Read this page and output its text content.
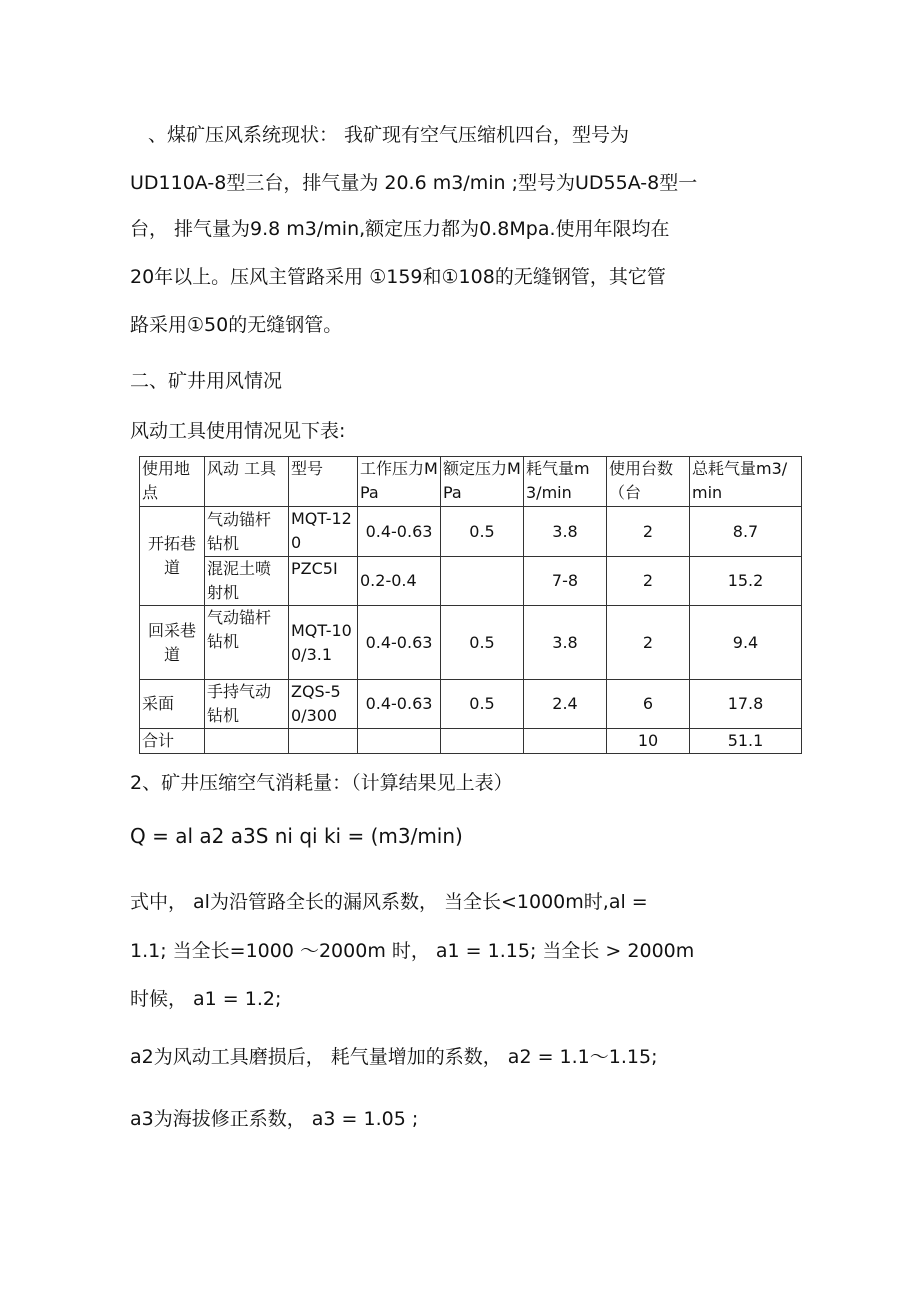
、煤矿压风系统现状： 我矿现有空气压缩机四台，型号为
UD110A-8型三台，排气量为 20.6 m3/min ;型号为UD55A-8型一
台， 排气量为9.8 m3/min,额定压力都为0.8Mpa.使用年限均在
20年以上。压风主管路采用 ①159和①108的无缝钢管，其它管
路采用①50的无缝钢管。
二、矿井用风情况
风动工具使用情况见下表:
使用地点	风动 工具	型号	工作压力MPa	额定压力MPa	耗气量m3/min	使用台数（台	总耗气量m3/min
开拓巷道	气动锚杆钻机	MQT-120	0.4-0.63	0.5	3.8	2	8.7
	混泥土喷射机	PZC5I	0.2-0.4		7-8	2	15.2
回采巷道	气动锚杆钻机	MQT-100/3.1	0.4-0.63	0.5	3.8	2	9.4
采面	手持气动钻机	ZQS-50/300	0.4-0.63	0.5	2.4	6	17.8
合计						10	51.1
2、矿井压缩空气消耗量：（计算结果见上表）
Q = al a2 a3S ni qi ki = (m3/min)
式中， al为沿管路全长的漏风系数， 当全长<1000m时,al =
1.1; 当全长=1000 ～2000m 时， a1 = 1.15; 当全长 > 2000m
时候， a1 = 1.2;
a2为风动工具磨损后， 耗气量增加的系数， a2 = 1.1～1.15;
a3为海拔修正系数， a3 = 1.05 ;
